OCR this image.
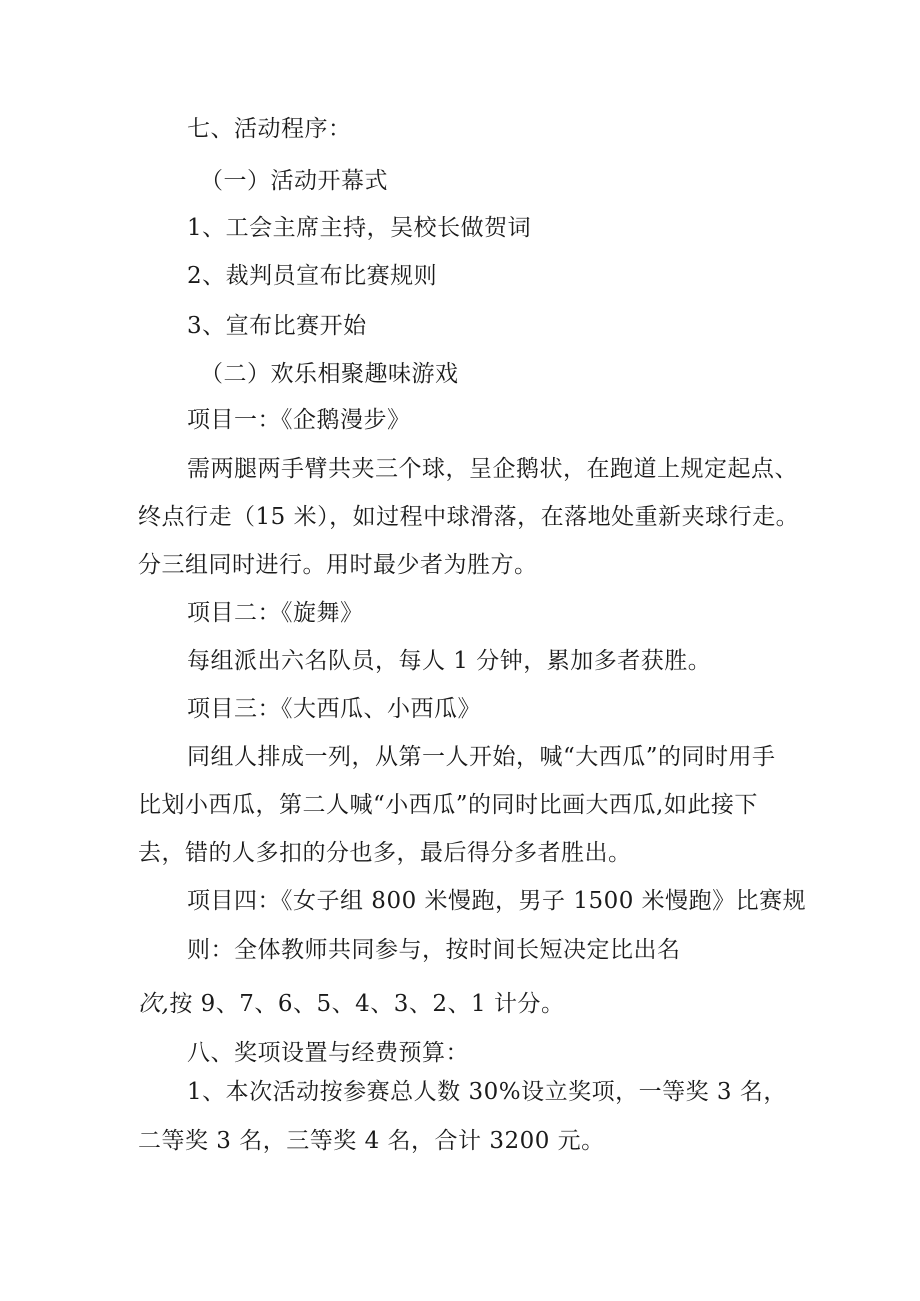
七、活动程序：
（一）活动开幕式
1、工会主席主持，吴校长做贺词
2、裁判员宣布比赛规则
3、宣布比赛开始
（二）欢乐相聚趣味游戏
项目一：《企鹅漫步》
需两腿两手臂共夹三个球，呈企鹅状，在跑道上规定起点、
终点行走（15 米），如过程中球滑落，在落地处重新夹球行走。
分三组同时进行。用时最少者为胜方。
项目二：《旋舞》
每组派出六名队员，每人 1 分钟，累加多者获胜。
项目三：《大西瓜、小西瓜》
同组人排成一列，从第一人开始，喊“大西瓜”的同时用手
比划小西瓜，第二人喊“小西瓜”的同时比画大西瓜,如此接下
去，错的人多扣的分也多，最后得分多者胜出。
项目四：《女子组 800 米慢跑，男子 1500 米慢跑》比赛规
则：全体教师共同参与，按时间长短决定比出名
次,按 9、7、6、5、4、3、2、1 计分。
八、奖项设置与经费预算：
1、本次活动按参赛总人数 30%设立奖项，一等奖 3 名，
二等奖 3 名，三等奖 4 名，合计 3200 元。
